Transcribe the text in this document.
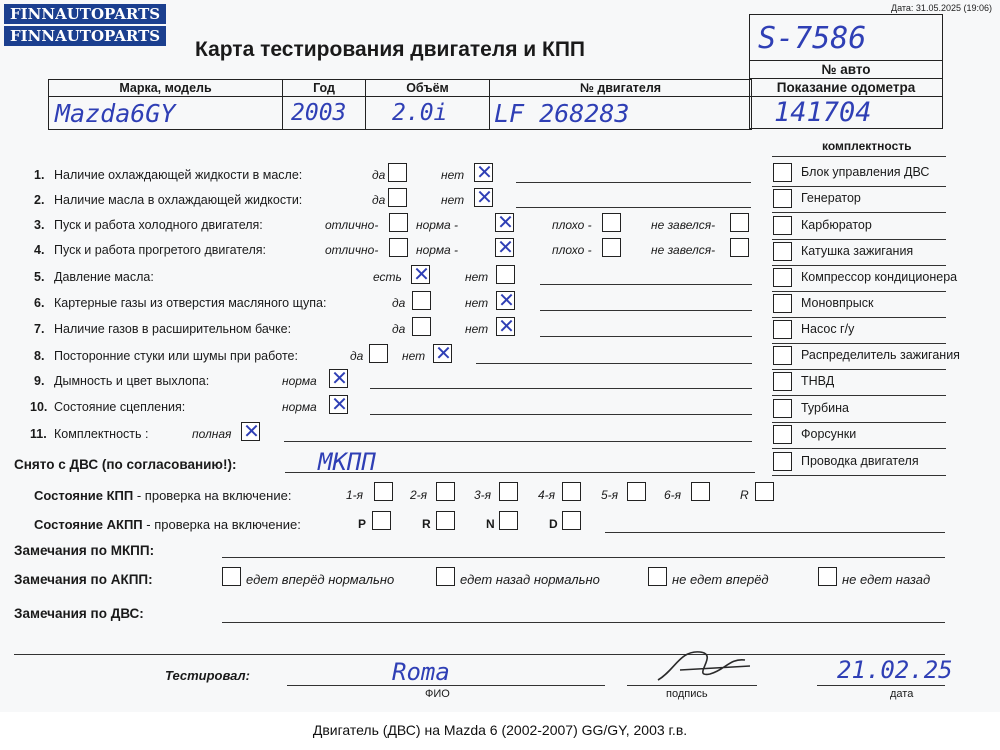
FINNAUTOPARTS
FINNAUTOPARTS
Дата: 31.05.2025 (19:06)
Карта тестирования двигателя и КПП	S-7586
№ авто
Показание одометра
141704
Марка, модель	Год	Объём	№ двигателя
Mazda6GY	2003	2.0i	LF 268283
комплектность
Блок управления ДВС
Генератор
Карбюратор
Катушка зажигания
Компрессор кондиционера
Моновпрыск
Насос г/у
Распределитель зажигания
ТНВД
Турбина
Форсунки
Проводка двигателя
1. Наличие охлаждающей жидкости в масле:	да	нет ✕
2. Наличие масла в охлаждающей жидкости:	да	нет ✕
3. Пуск и работа холодного двигателя:	отлично-	норма - ✕	плохо -	не завелся-
4. Пуск и работа прогретого двигателя:	отлично-	норма - ✕	плохо -	не завелся-
5. Давление масла:	есть ✕	нет
6. Картерные газы из отверстия масляного щупа:	да	нет ✕
7. Наличие газов в расширительном бачке:	да	нет ✕
8. Посторонние стуки или шумы при работе:	да	нет ✕
9. Дымность и цвет выхлопа:	норма ✕
10. Состояние сцепления:	норма ✕
11. Комплектность :	полная ✕
Снято с ДВС (по согласованию!):	МКПП
Состояние КПП - проверка на включение:	1-я	2-я	3-я	4-я	5-я	6-я	R
Состояние АКПП - проверка на включение:	P	R	N	D
Замечания по МКПП:
Замечания по АКПП:	едет вперёд нормально	едет назад нормально	не едет вперёд	не едет назад
Замечания по ДВС:
Тестировал:	Roma
ФИО	подпись
21.02.25
дата
Двигатель (ДВС) на Mazda 6 (2002-2007) GG/GY, 2003 г.в.
